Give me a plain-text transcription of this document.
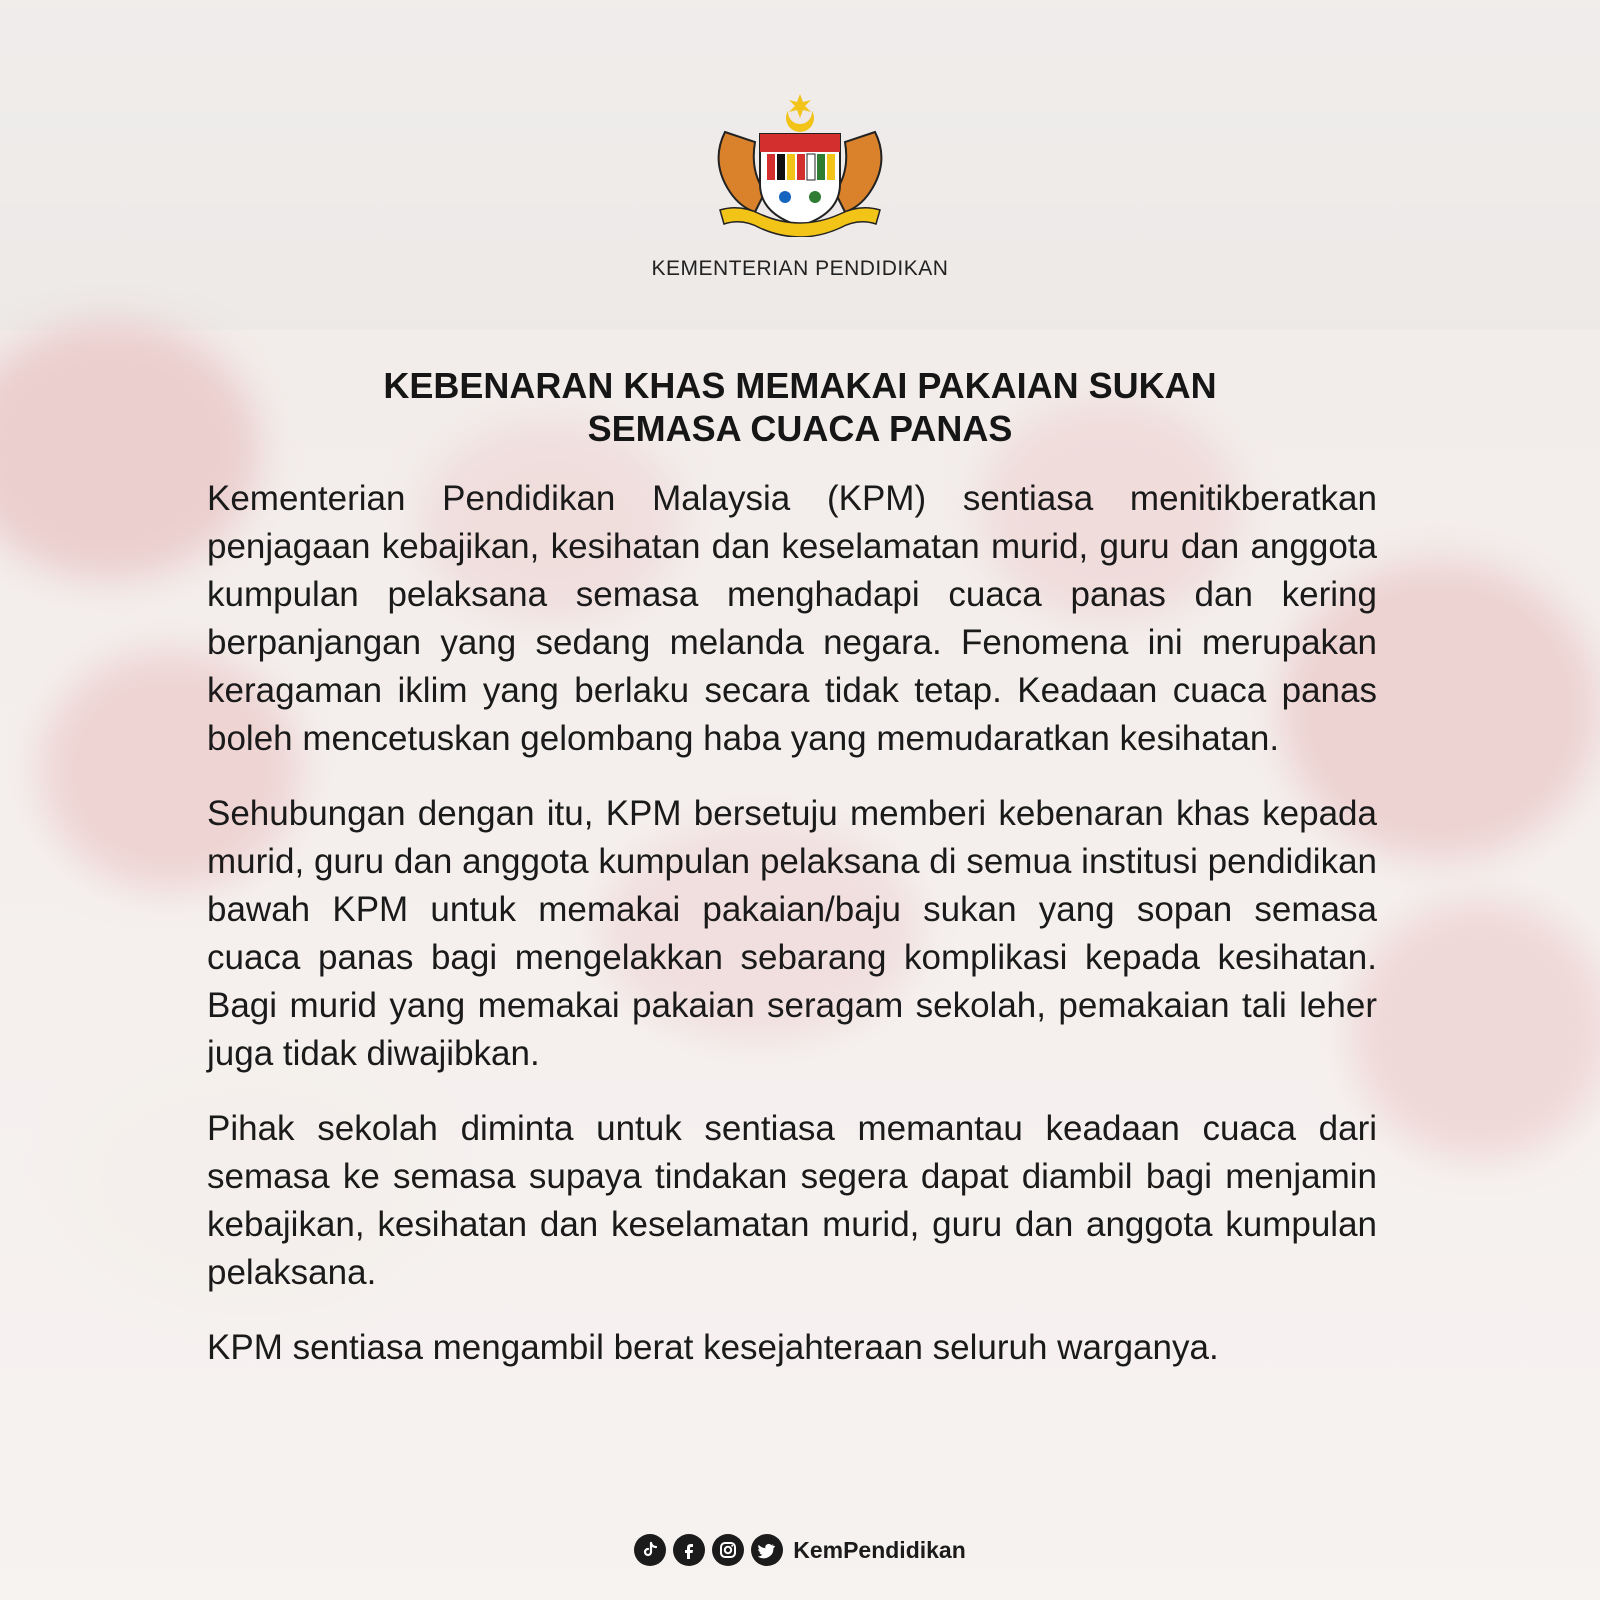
KEMENTERIAN PENDIDIKAN
KEBENARAN KHAS MEMAKAI PAKAIAN SUKAN
SEMASA CUACA PANAS

Kementerian Pendidikan Malaysia (KPM) sentiasa menitikberatkan penjagaan kebajikan, kesihatan dan keselamatan murid, guru dan anggota kumpulan pelaksana semasa menghadapi cuaca panas dan kering berpanjangan yang sedang melanda negara. Fenomena ini merupakan keragaman iklim yang berlaku secara tidak tetap. Keadaan cuaca panas boleh mencetuskan gelombang haba yang memudaratkan kesihatan.

Sehubungan dengan itu, KPM bersetuju memberi kebenaran khas kepada murid, guru dan anggota kumpulan pelaksana di semua institusi pendidikan bawah KPM untuk memakai pakaian/baju sukan yang sopan semasa cuaca panas bagi mengelakkan sebarang komplikasi kepada kesihatan. Bagi murid yang memakai pakaian seragam sekolah, pemakaian tali leher juga tidak diwajibkan.

Pihak sekolah diminta untuk sentiasa memantau keadaan cuaca dari semasa ke semasa supaya tindakan segera dapat diambil bagi menjamin kebajikan, kesihatan dan keselamatan murid, guru dan anggota kumpulan pelaksana.

KPM sentiasa mengambil berat kesejahteraan seluruh warganya.

KemPendidikan
